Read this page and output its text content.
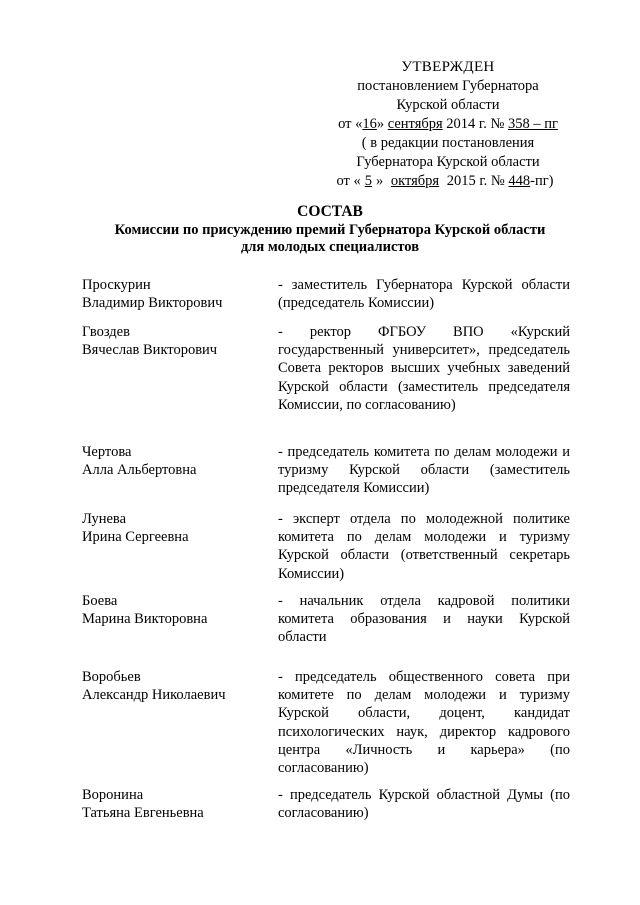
УТВЕРЖДЕН
постановлением Губернатора
Курской области
от «16» сентября 2014 г. № 358 – пг
( в редакции постановления
Губернатора Курской области
от « 5 » октября 2015 г. № 448-пг)
СОСТАВ
Комиссии по присуждению премий Губернатора Курской области
для молодых специалистов
Проскурин
Владимир Викторович
- заместитель Губернатора Курской области (председатель Комиссии)
Гвоздев
Вячеслав Викторович
- ректор ФГБОУ ВПО «Курский государственный университет», председатель Совета ректоров высших учебных заведений Курской области (заместитель председателя Комиссии, по согласованию)
Чертова
Алла Альбертовна
- председатель комитета по делам молодежи и туризму Курской области (заместитель председателя Комиссии)
Лунева
Ирина Сергеевна
- эксперт отдела по молодежной политике комитета по делам молодежи и туризму Курской области (ответственный секретарь Комиссии)
Боева
Марина Викторовна
- начальник отдела кадровой политики комитета образования и науки Курской области
Воробьев
Александр Николаевич
- председатель общественного совета при комитете по делам молодежи и туризму Курской области, доцент, кандидат психологических наук, директор кадрового центра «Личность и карьера» (по согласованию)
Воронина
Татьяна Евгеньевна
- председатель Курской областной Думы (по согласованию)
